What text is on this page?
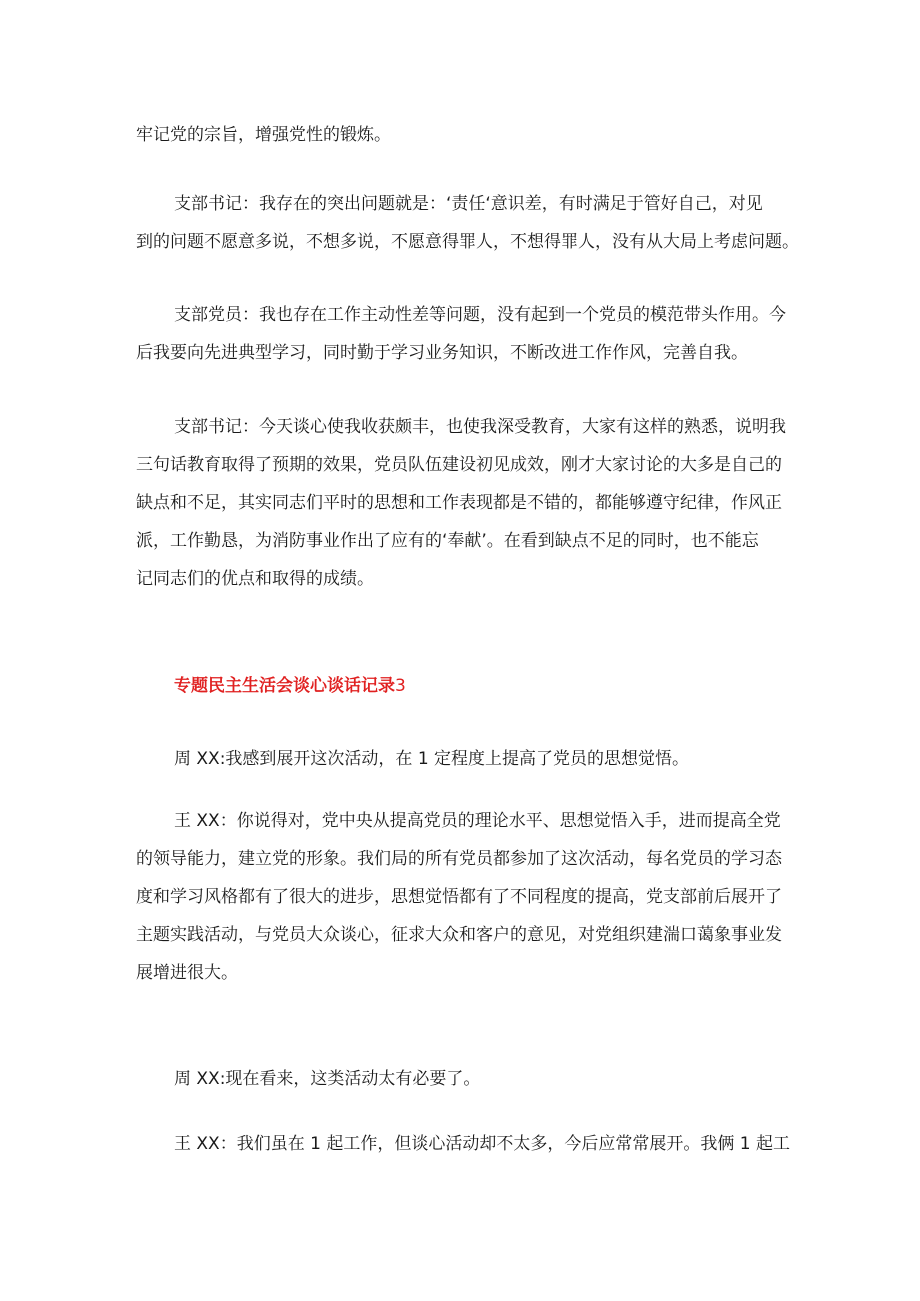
牢记党的宗旨，增强党性的锻炼。
支部书记：我存在的突出问题就是：‘责任‘意识差，有时满足于管好自己，对见
到的问题不愿意多说，不想多说，不愿意得罪人，不想得罪人，没有从大局上考虑问题。
支部党员：我也存在工作主动性差等问题，没有起到一个党员的模范带头作用。今
后我要向先进典型学习，同时勤于学习业务知识，不断改进工作作风，完善自我。
支部书记：今天谈心使我收获颇丰，也使我深受教育，大家有这样的熟悉，说明我
三句话教育取得了预期的效果，党员队伍建设初见成效，刚才大家讨论的大多是自己的
缺点和不足，其实同志们平时的思想和工作表现都是不错的，都能够遵守纪律，作风正
派，工作勤恳，为消防事业作出了应有的‘奉献’。在看到缺点不足的同时，也不能忘
记同志们的优点和取得的成绩。
专题民主生活会谈心谈话记录3
周 XX:我感到展开这次活动，在 1 定程度上提高了党员的思想觉悟。
王 XX：你说得对，党中央从提高党员的理论水平、思想觉悟入手，进而提高全党
的领导能力，建立党的形象。我们局的所有党员都参加了这次活动，每名党员的学习态
度和学习风格都有了很大的进步，思想觉悟都有了不同程度的提高，党支部前后展开了
主题实践活动，与党员大众谈心，征求大众和客户的意见，对党组织建湍口蔼象事业发
展增进很大。
周 XX:现在看来，这类活动太有必要了。
王 XX：我们虽在 1 起工作，但谈心活动却不太多，今后应常常展开。我俩 1 起工
